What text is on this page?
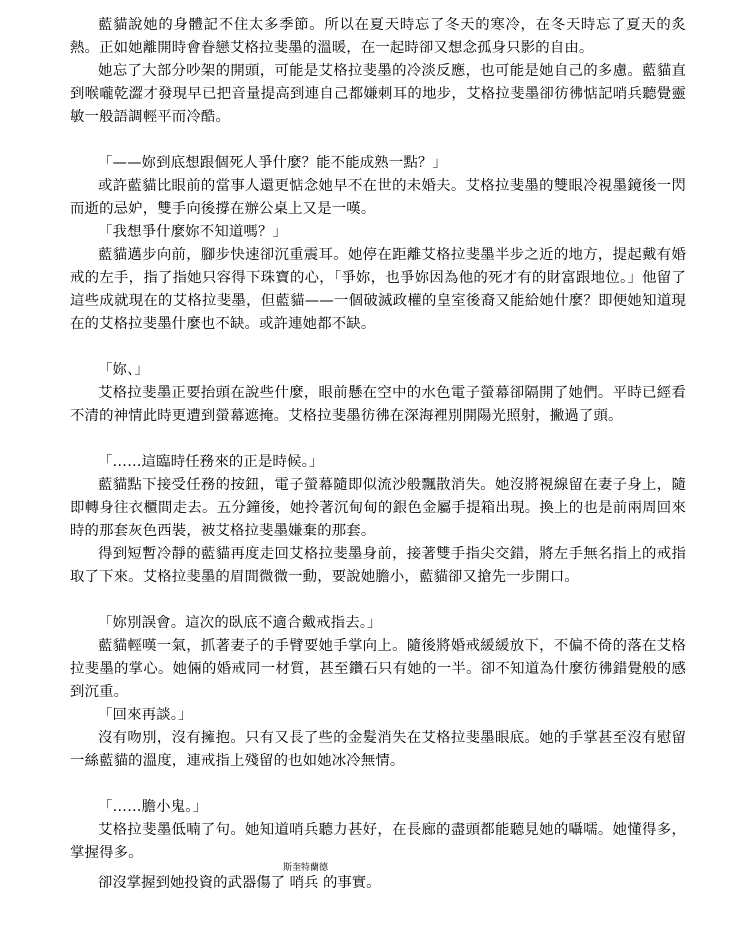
藍貓說她的身體記不住太多季節。所以在夏天時忘了冬天的寒冷，在冬天時忘了夏天的炙熱。正如她離開時會眷戀艾格拉斐墨的溫暖，在一起時卻又想念孤身只影的自由。

她忘了大部分吵架的開頭，可能是艾格拉斐墨的冷淡反應，也可能是她自己的多慮。藍貓直到喉嚨乾澀才發現早已把音量提高到連自己都嫌刺耳的地步，艾格拉斐墨卻彷彿惦記哨兵聽覺靈敏一般語調輕平而冷酷。

「——妳到底想跟個死人爭什麼？能不能成熟一點？」

或許藍貓比眼前的當事人還更惦念她早不在世的未婚夫。艾格拉斐墨的雙眼冷視墨鏡後一閃而逝的忌妒，雙手向後撐在辦公桌上又是一嘆。

「我想爭什麼妳不知道嗎？」

藍貓邁步向前，腳步快速卻沉重震耳。她停在距離艾格拉斐墨半步之近的地方，提起戴有婚戒的左手，指了指她只容得下珠寶的心，「爭妳，也爭妳因為他的死才有的財富跟地位。」他留了這些成就現在的艾格拉斐墨，但藍貓——一個破滅政權的皇室後裔又能給她什麼？即便她知道現在的艾格拉斐墨什麼也不缺。或許連她都不缺。

「妳、」

艾格拉斐墨正要抬頭在說些什麼，眼前懸在空中的水色電子螢幕卻隔開了她們。平時已經看不清的神情此時更遭到螢幕遮掩。艾格拉斐墨彷彿在深海裡別開陽光照射，撇過了頭。

「……這臨時任務來的正是時候。」

藍貓點下接受任務的按鈕，電子螢幕隨即似流沙般飄散消失。她沒將視線留在妻子身上，隨即轉身往衣櫃間走去。五分鐘後，她拎著沉甸甸的銀色金屬手提箱出現。換上的也是前兩周回來時的那套灰色西裝，被艾格拉斐墨嫌棄的那套。

得到短暫冷靜的藍貓再度走回艾格拉斐墨身前，接著雙手指尖交錯，將左手無名指上的戒指取了下來。艾格拉斐墨的眉間微微一動，要說她膽小，藍貓卻又搶先一步開口。

「妳別誤會。這次的臥底不適合戴戒指去。」

藍貓輕嘆一氣，抓著妻子的手臂要她手掌向上。隨後將婚戒緩緩放下，不偏不倚的落在艾格拉斐墨的掌心。她倆的婚戒同一材質，甚至鑽石只有她的一半。卻不知道為什麼彷彿錯覺般的感到沉重。

「回來再談。」

沒有吻別，沒有擁抱。只有又長了些的金髮消失在艾格拉斐墨眼底。她的手掌甚至沒有慰留一絲藍貓的溫度，連戒指上殘留的也如她冰冷無情。

「……膽小鬼。」

艾格拉斐墨低喃了句。她知道哨兵聽力甚好，在長廊的盡頭都能聽見她的囁嚅。她懂得多，掌握得多。

斯奎特蘭德
卻沒掌握到她投資的武器傷了 哨兵 的事實。
